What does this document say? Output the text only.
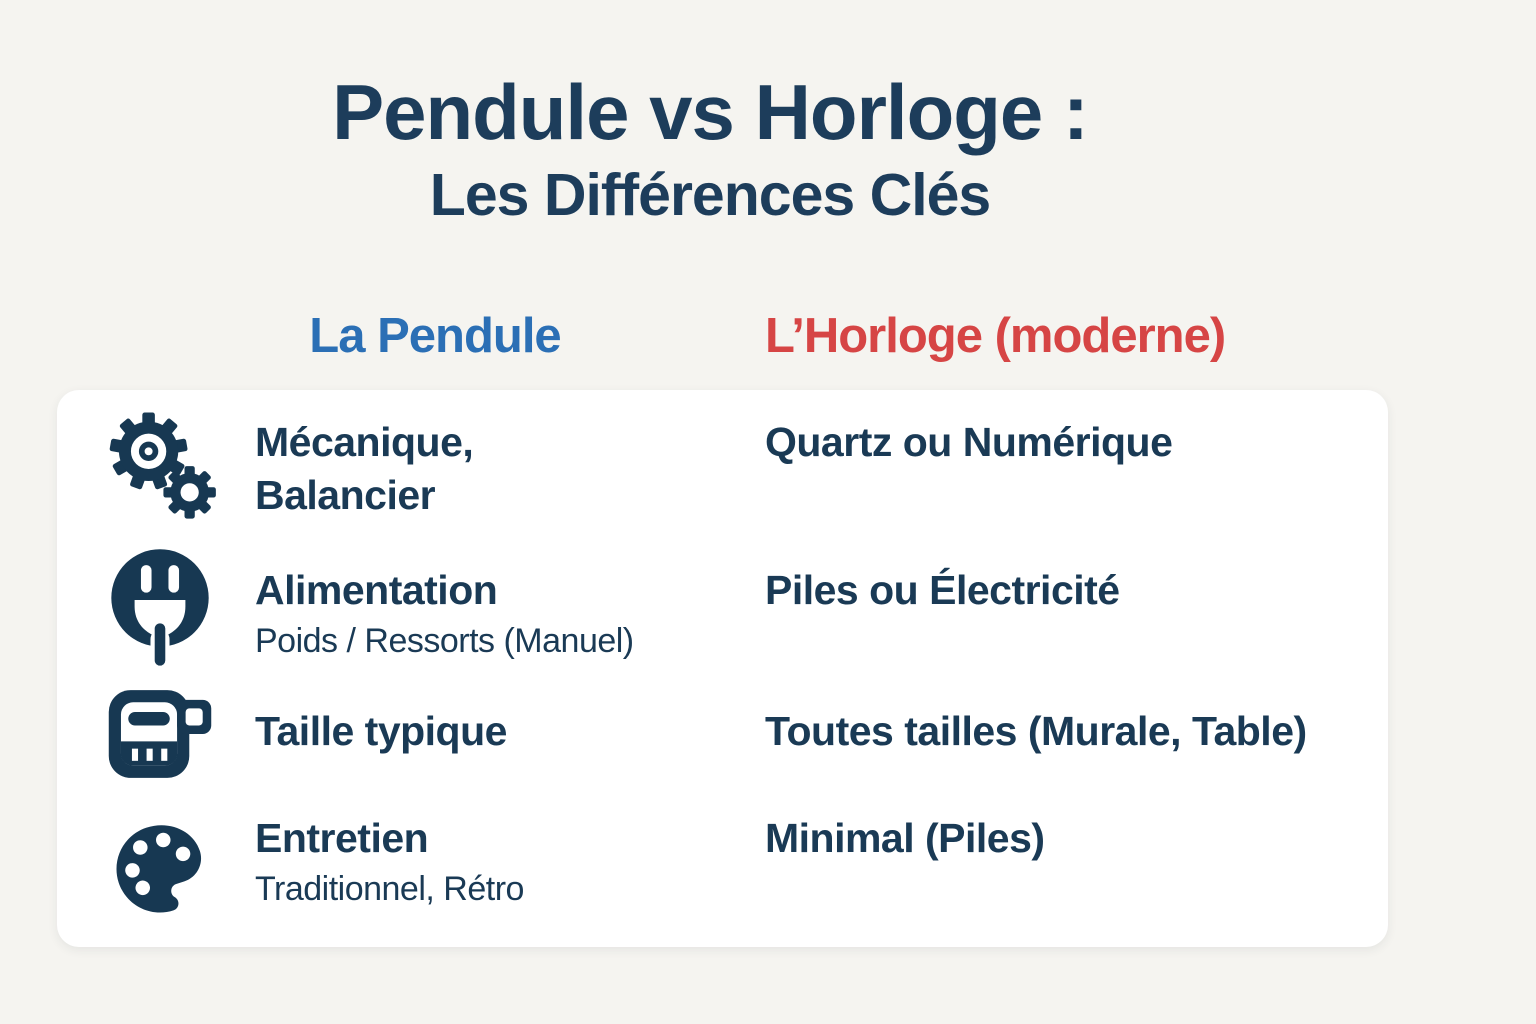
Pendule vs Horloge :
Les Différences Clés
La Pendule	L’Horloge (moderne)
Mécanique,
Balancier
Quartz ou Numérique
Alimentation
Poids / Ressorts (Manuel)
Piles ou Électricité
Taille typique	Toutes tailles (Murale, Table)
Entretien
Traditionnel, Rétro
Minimal (Piles)
